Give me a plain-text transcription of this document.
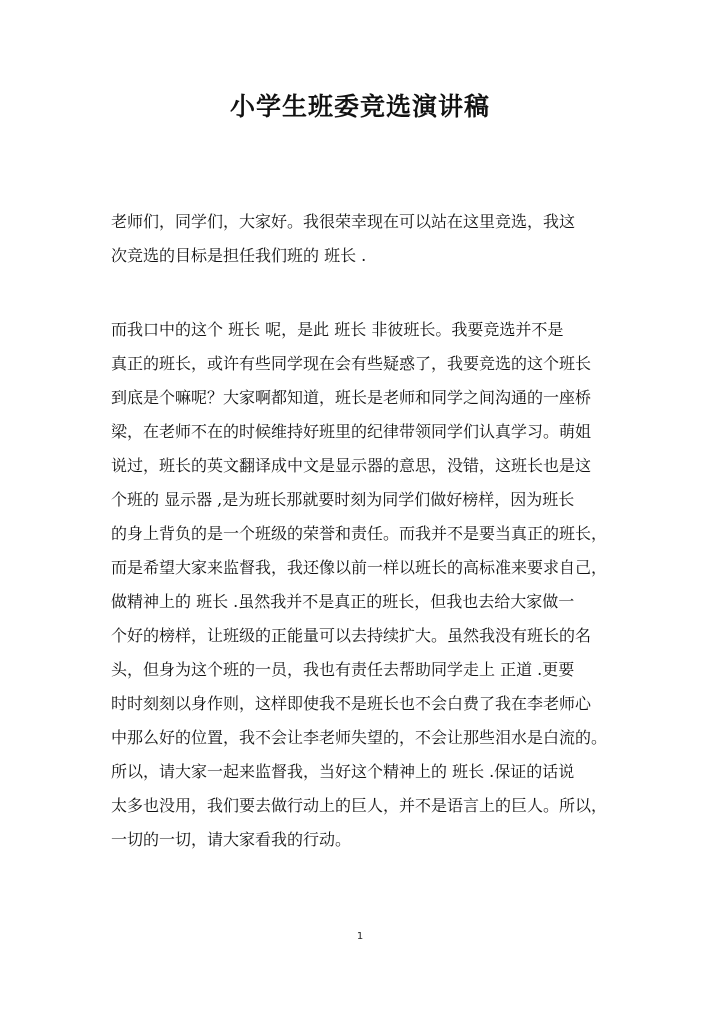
小学生班委竞选演讲稿

老师们，同学们，大家好。我很荣幸现在可以站在这里竞选，我这
次竞选的目标是担任我们班的 班长 .

而我口中的这个 班长 呢，是此 班长 非彼班长。我要竞选并不是
真正的班长，或许有些同学现在会有些疑惑了，我要竞选的这个班长
到底是个嘛呢？大家啊都知道，班长是老师和同学之间沟通的一座桥
梁，在老师不在的时候维持好班里的纪律带领同学们认真学习。萌姐
说过，班长的英文翻译成中文是显示器的意思，没错，这班长也是这
个班的 显示器 ,是为班长那就要时刻为同学们做好榜样，因为班长
的身上背负的是一个班级的荣誉和责任。而我并不是要当真正的班长，
而是希望大家来监督我，我还像以前一样以班长的高标准来要求自己，
做精神上的 班长 .虽然我并不是真正的班长，但我也去给大家做一
个好的榜样，让班级的正能量可以去持续扩大。虽然我没有班长的名
头，但身为这个班的一员，我也有责任去帮助同学走上 正道 .更要
时时刻刻以身作则，这样即使我不是班长也不会白费了我在李老师心
中那么好的位置，我不会让李老师失望的，不会让那些泪水是白流的。
所以，请大家一起来监督我，当好这个精神上的 班长 .保证的话说
太多也没用，我们要去做行动上的巨人，并不是语言上的巨人。所以，
一切的一切，请大家看我的行动。

1
